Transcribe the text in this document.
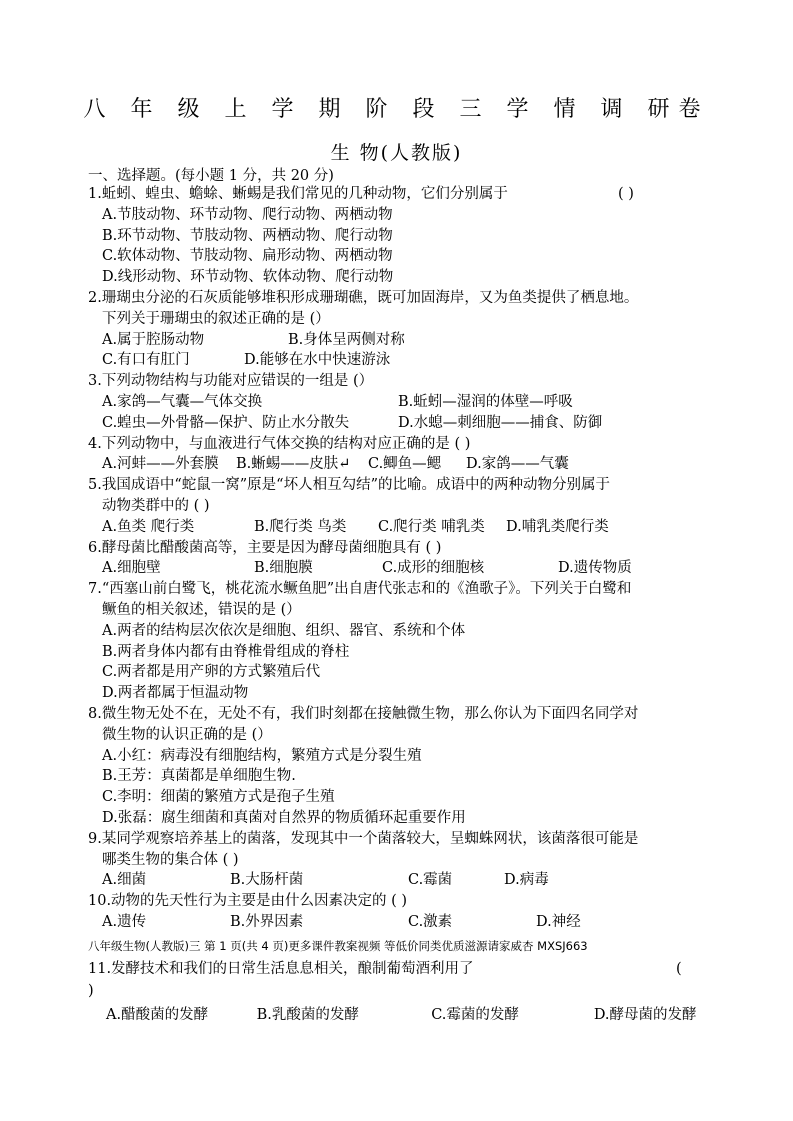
八 年 级 上 学 期 阶 段 三 学 情 调 研卷
生 物(人教版)
一、选择题。(每小题 1 分，共 20 分)
1.蚯蚓、蝗虫、蟾蜍、蜥蜴是我们常见的几种动物，它们分别属于	( )
A.节肢动物、环节动物、爬行动物、两栖动物
B.环节动物、节肢动物、两栖动物、爬行动物
C.软体动物、节肢动物、扁形动物、两栖动物
D.线形动物、环节动物、软体动物、爬行动物
2.珊瑚虫分泌的石灰质能够堆积形成珊瑚礁，既可加固海岸，又为鱼类提供了栖息地。
下列关于珊瑚虫的叙述正确的是 (）
A.属于腔肠动物	B.身体呈两侧对称
C.有口有肛门	D.能够在水中快速游泳
3.下列动物结构与功能对应错误的一组是 (）
A.家鸽—气囊—气体交换	B.蚯蚓—湿润的体壁—呼吸
C.蝗虫—外骨骼—保护、防止水分散失	D.水螅—刺细胞——捕食、防御
4.下列动物中，与血液进行气体交换的结构对应正确的是 ( )
A.河蚌——外套膜	B.蜥蜴——皮肤↵	C.鲫鱼—鳃	D.家鸽——气囊
5.我国成语中“蛇鼠一窝”原是“坏人相互勾结”的比喻。成语中的两种动物分别属于
动物类群中的 ( )
A.鱼类 爬行类	B.爬行类 鸟类	C.爬行类 哺乳类	D.哺乳类爬行类
6.酵母菌比醋酸菌高等，主要是因为酵母菌细胞具有 ( )
A.细胞壁	B.细胞膜	C.成形的细胞核	D.遗传物质
7.“西塞山前白鹭飞，桃花流水鳜鱼肥”出自唐代张志和的《渔歌子》。下列关于白鹭和
鳜鱼的相关叙述，错误的是 (）
A.两者的结构层次依次是细胞、组织、器官、系统和个体
B.两者身体内都有由脊椎骨组成的脊柱
C.两者都是用产卵的方式繁殖后代
D.两者都属于恒温动物
8.微生物无处不在，无处不有，我们时刻都在接触微生物，那么你认为下面四名同学对
微生物的认识正确的是 (）
A.小红：病毒没有细胞结构，繁殖方式是分裂生殖
B.王芳：真菌都是单细胞生物.
C.李明：细菌的繁殖方式是孢子生殖
D.张磊：腐生细菌和真菌对自然界的物质循环起重要作用
9.某同学观察培养基上的菌落，发现其中一个菌落较大，呈蜘蛛网状，该菌落很可能是
哪类生物的集合体 ( )
A.细菌	B.大肠杆菌	C.霉菌	D.病毒
10.动物的先天性行为主要是由什么因素决定的 ( )
A.遗传	B.外界因素	C.激素	D.神经
八年级生物(人教版)三 第 1 页(共 4 页)更多课件教案视频 等低价同类优质滋源请家威杏 MXSJ663
11.发酵技术和我们的日常生活息息相关，酿制葡萄酒利用了	(
)
A.醋酸菌的发酵	B.乳酸菌的发酵	C.霉菌的发酵	D.酵母菌的发酵
